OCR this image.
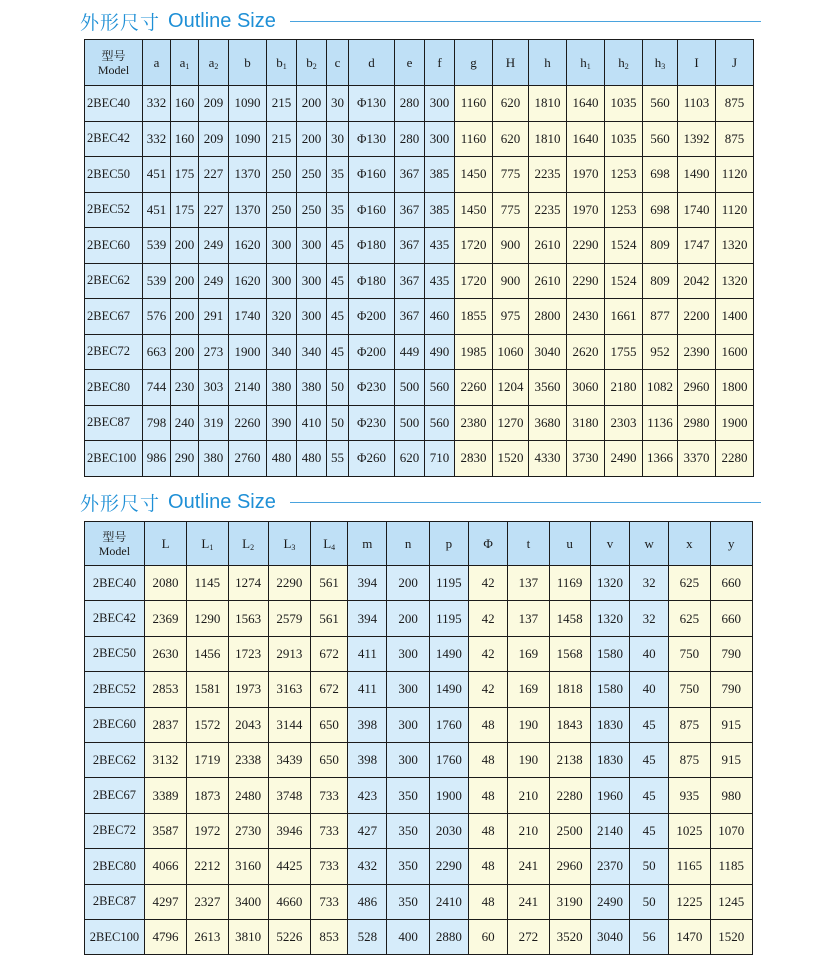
外形尺寸 Outline Size
型号
Model	a	$a_1$	$a_2$	b	$b_1$	$b_2$	c	d	e	f	g	H	h	$h_1$	$h_2$	$h_3$	I	J
2BEC40	332	160	209	1090	215	200	30	Φ130	280	300	1160	620	1810	1640	1035	560	1103	875
2BEC42	332	160	209	1090	215	200	30	Φ130	280	300	1160	620	1810	1640	1035	560	1392	875
2BEC50	451	175	227	1370	250	250	35	Φ160	367	385	1450	775	2235	1970	1253	698	1490	1120
2BEC52	451	175	227	1370	250	250	35	Φ160	367	385	1450	775	2235	1970	1253	698	1740	1120
2BEC60	539	200	249	1620	300	300	45	Φ180	367	435	1720	900	2610	2290	1524	809	1747	1320
2BEC62	539	200	249	1620	300	300	45	Φ180	367	435	1720	900	2610	2290	1524	809	2042	1320
2BEC67	576	200	291	1740	320	300	45	Φ200	367	460	1855	975	2800	2430	1661	877	2200	1400
2BEC72	663	200	273	1900	340	340	45	Φ200	449	490	1985	1060	3040	2620	1755	952	2390	1600
2BEC80	744	230	303	2140	380	380	50	Φ230	500	560	2260	1204	3560	3060	2180	1082	2960	1800
2BEC87	798	240	319	2260	390	410	50	Φ230	500	560	2380	1270	3680	3180	2303	1136	2980	1900
2BEC100	986	290	380	2760	480	480	55	Φ260	620	710	2830	1520	4330	3730	2490	1366	3370	2280
外形尺寸 Outline Size
型号
Model	L	$L_1$	$L_2$	$L_3$	$L_4$	m	n	p	Φ	t	u	v	w	x	y
2BEC40	2080	1145	1274	2290	561	394	200	1195	42	137	1169	1320	32	625	660
2BEC42	2369	1290	1563	2579	561	394	200	1195	42	137	1458	1320	32	625	660
2BEC50	2630	1456	1723	2913	672	411	300	1490	42	169	1568	1580	40	750	790
2BEC52	2853	1581	1973	3163	672	411	300	1490	42	169	1818	1580	40	750	790
2BEC60	2837	1572	2043	3144	650	398	300	1760	48	190	1843	1830	45	875	915
2BEC62	3132	1719	2338	3439	650	398	300	1760	48	190	2138	1830	45	875	915
2BEC67	3389	1873	2480	3748	733	423	350	1900	48	210	2280	1960	45	935	980
2BEC72	3587	1972	2730	3946	733	427	350	2030	48	210	2500	2140	45	1025	1070
2BEC80	4066	2212	3160	4425	733	432	350	2290	48	241	2960	2370	50	1165	1185
2BEC87	4297	2327	3400	4660	733	486	350	2410	48	241	3190	2490	50	1225	1245
2BEC100	4796	2613	3810	5226	853	528	400	2880	60	272	3520	3040	56	1470	1520
